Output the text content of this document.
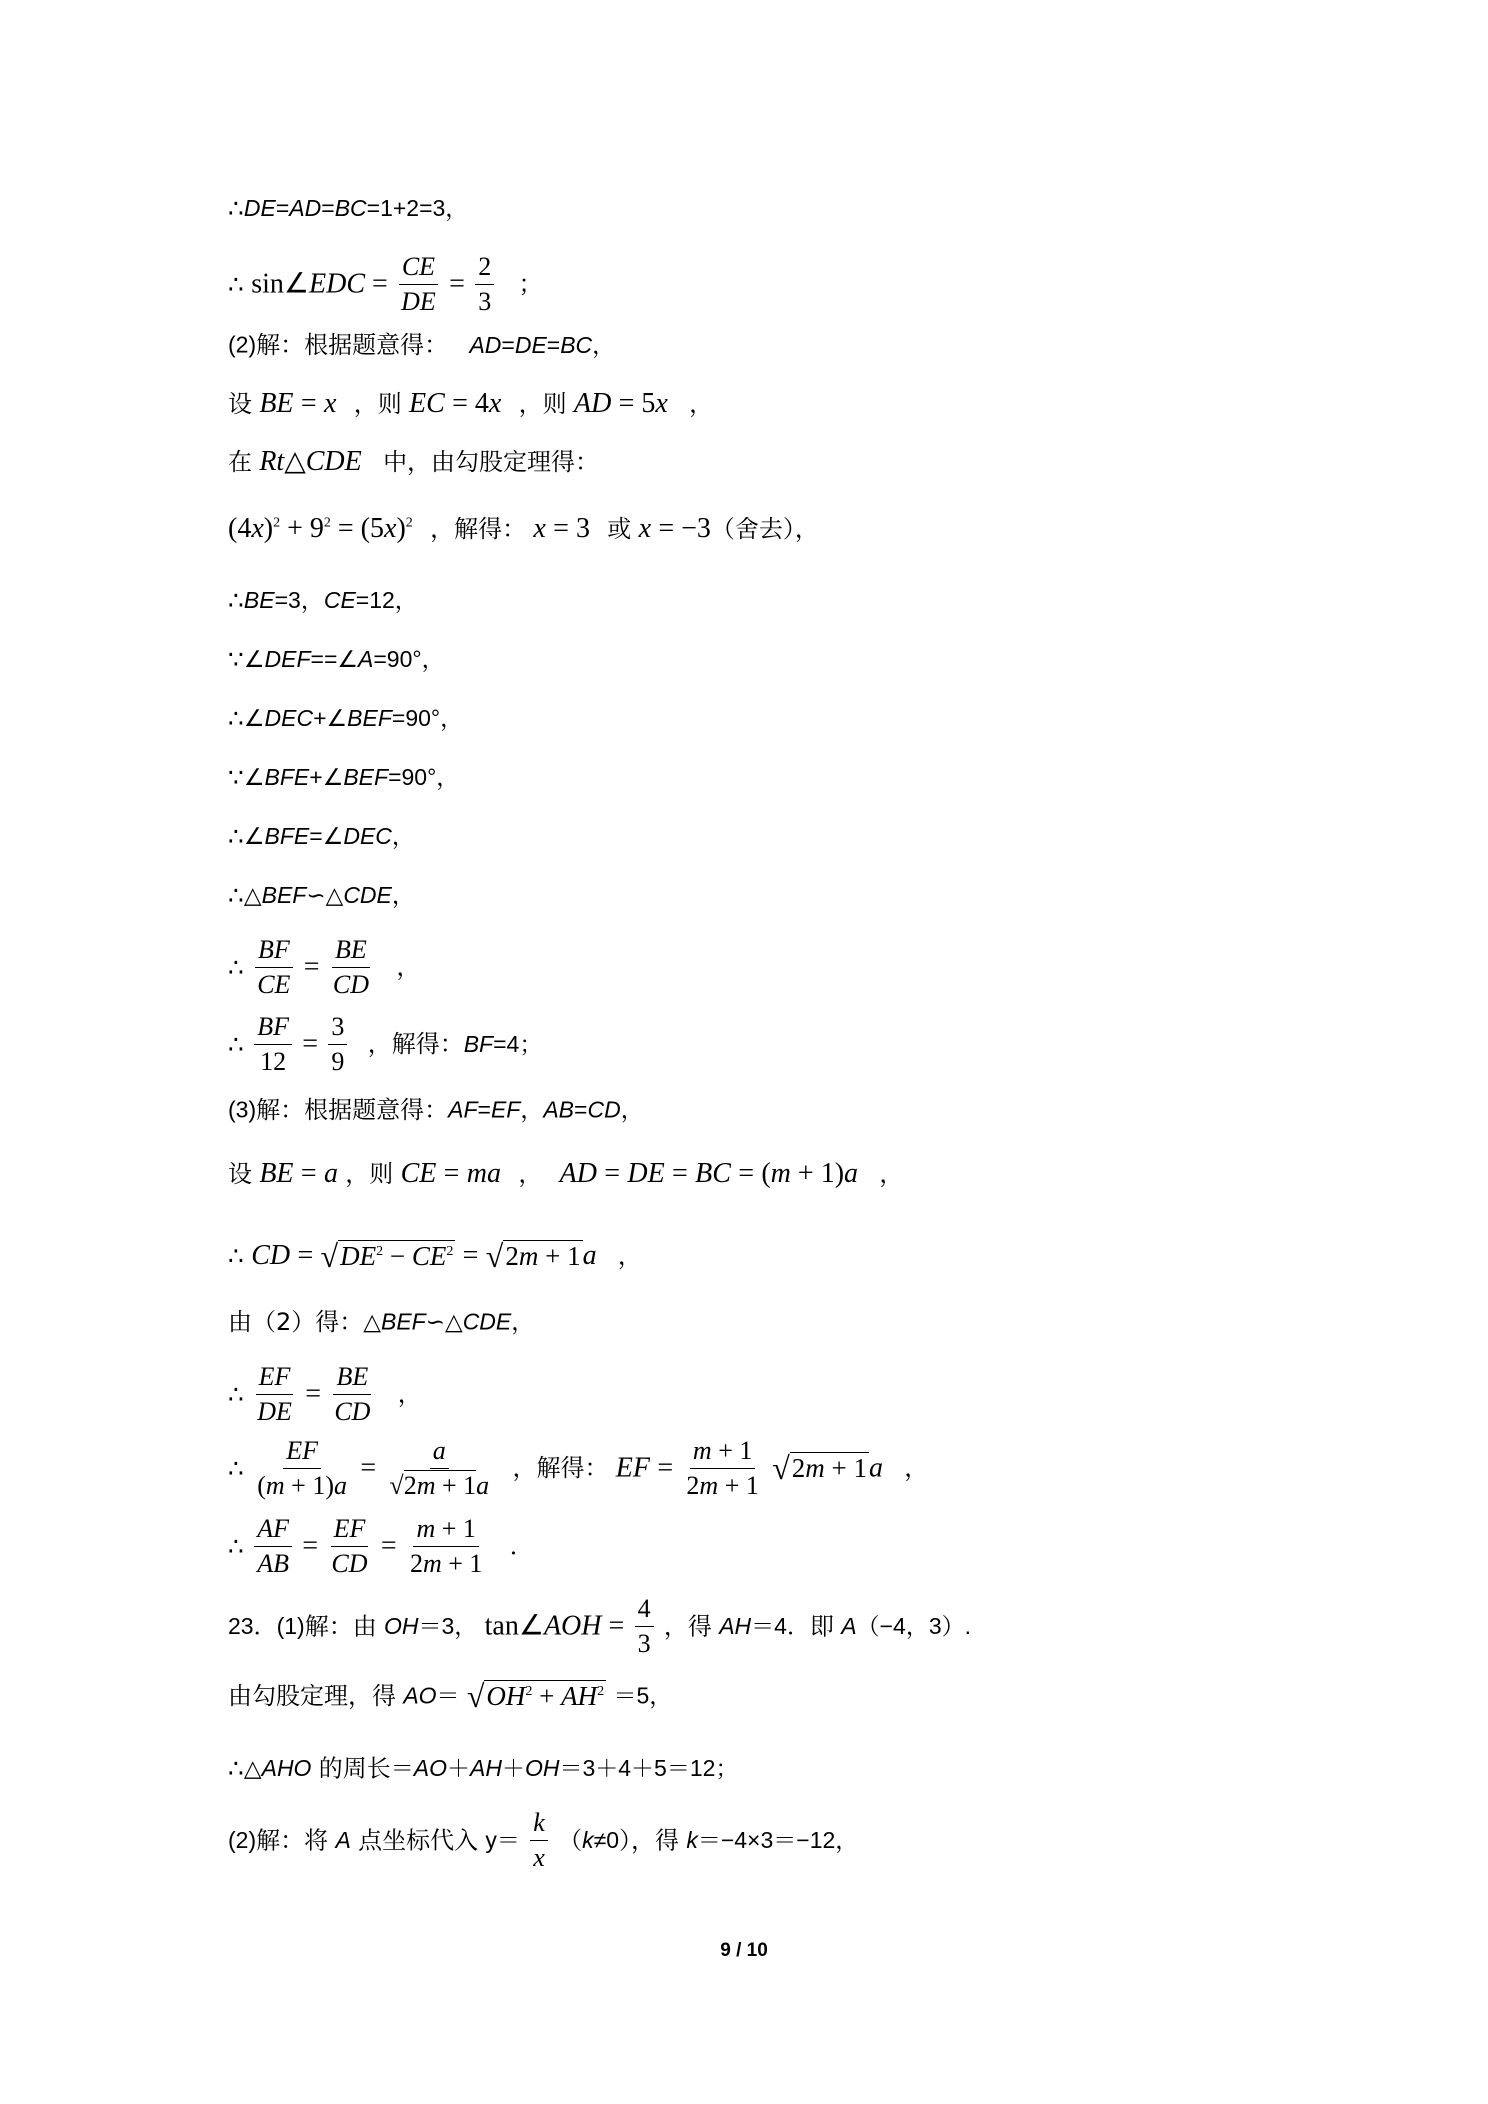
∴DE=AD=BC=1+2=3，
∴ sin∠EDC = $\frac{CE}{DE} = \frac{2}{3}$ ；
(2)解：根据题意得： AD=DE=BC，
设 BE = x ，则 EC = 4x ，则 AD = 5x ，
在 Rt△CDE 中，由勾股定理得：
$(4x)^2 + 9^2 = (5x)^2$ ，解得： x = 3 或 x = −3（舍去），
∴BE=3，CE=12，
∵∠DEF==∠A=90°，
∴∠DEC+∠BEF=90°，
∵∠BFE+∠BEF=90°，
∴∠BFE=∠DEC，
∴△BEF∽△CDE，
∴ $\frac{BF}{CE} = \frac{BE}{CD}$ ，
∴ $\frac{BF}{12} = \frac{3}{9}$ ，解得：BF=4；
(3)解：根据题意得：AF=EF，AB=CD，
设 BE = a ，则 CE = ma ， AD = DE = BC = (m + 1)a ，
∴ CD = √ $DE^2 - CE^2$ = √ 2m + 1 a ，
由（2）得：△BEF∽△CDE，
∴ $\frac{EF}{DE} = \frac{BE}{CD}$ ，
∴ $\frac{EF}{(m + 1)a} = \frac{a}{√2m + 1a}$ ，解得： EF = $\frac{m + 1}{2m + 1}$
√ 2m + 1 a ，
∴ $\frac{AF}{AB} = \frac{EF}{CD} = \frac{m + 1}{2m + 1}$ ．
23．(1)解：由 OH＝3， tan∠AOH = $\frac{4}{3}$ ，得 AH＝4．即 A（−4，3）.
由勾股定理，得 AO＝ √ $OH^2 + AH^2 =5$，
∴△AHO 的周长＝AO＋AH＋OH＝3＋4＋5＝12；
(2)解：将 A 点坐标代入 $y= \frac{k}{x} (k\ne 0)$，得 k＝−4×3＝−12，
9 / 10
